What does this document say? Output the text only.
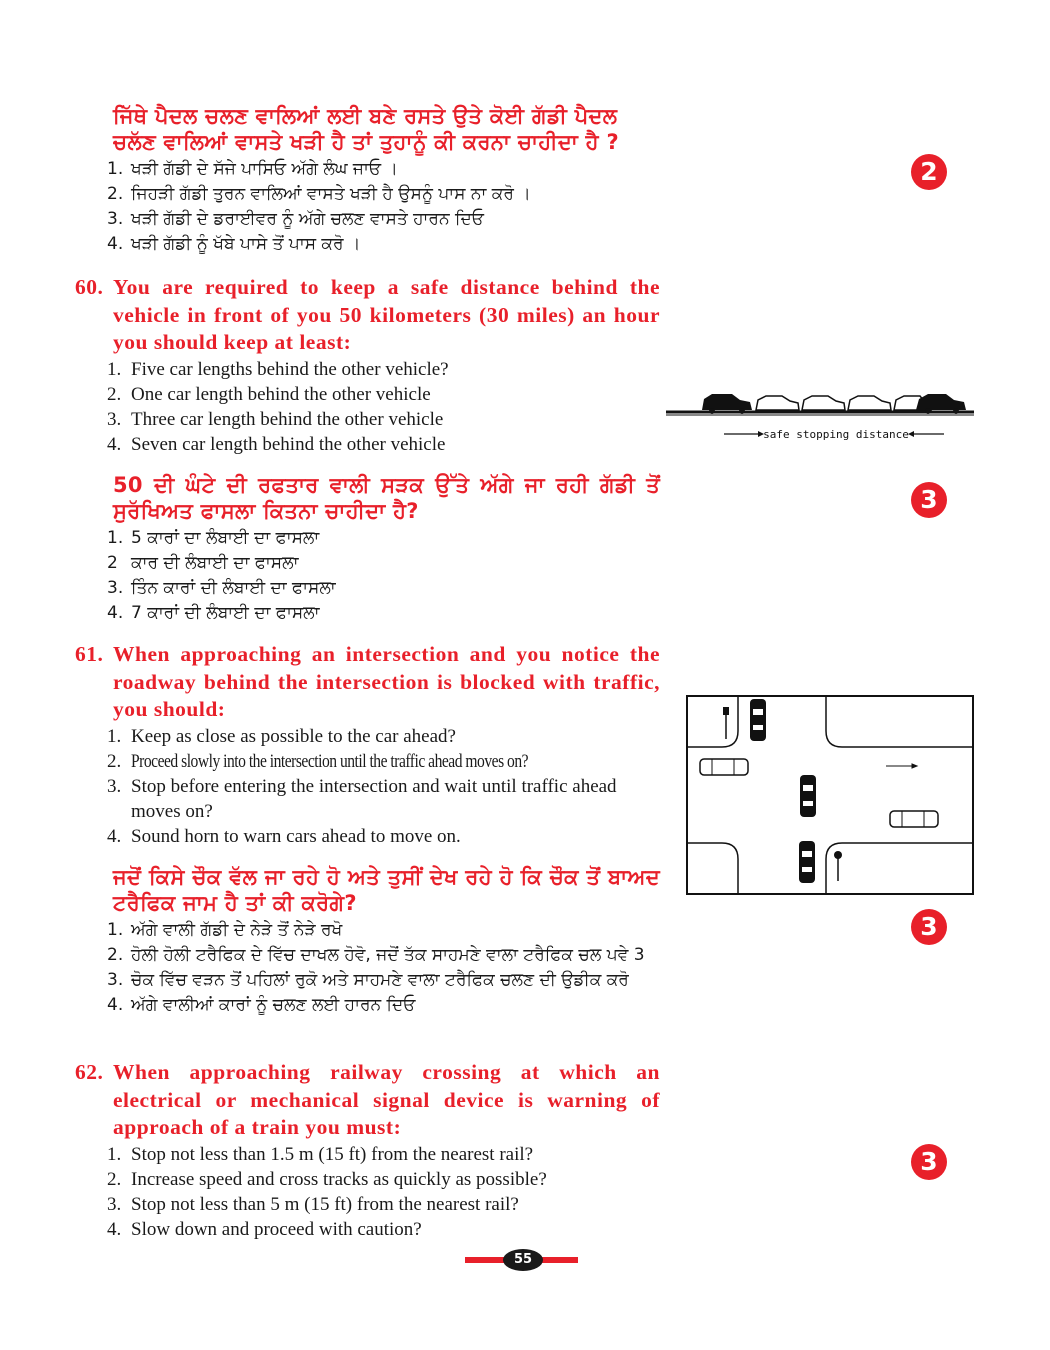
ਜਿੱਥੇ ਪੈਦਲ ਚਲਣ ਵਾਲਿਆਂ ਲਈ ਬਣੇ ਰਸਤੇ ਉਤੇ ਕੋਈ ਗੱਡੀ ਪੈਦਲ ਚਲੱਣ ਵਾਲਿਆਂ ਵਾਸਤੇ ਖੜੀ ਹੈ ਤਾਂ ਤੁਹਾਨੂੰ ਕੀ ਕਰਨਾ ਚਾਹੀਦਾ ਹੈ ?
1. ਖੜੀ ਗੱਡੀ ਦੇ ਸੱਜੇ ਪਾਸਿਓ ਅੱਗੇ ਲੰਘ ਜਾਓ ।
2. ਜਿਹੜੀ ਗੱਡੀ ਤੁਰਨ ਵਾਲਿਆਂ ਵਾਸਤੇ ਖੜੀ ਹੈ ਉਸਨੂੰ ਪਾਸ ਨਾ ਕਰੋ ।
3. ਖੜੀ ਗੱਡੀ ਦੇ ਡਰਾਈਵਰ ਨੂੰ ਅੱਗੇ ਚਲਣ ਵਾਸਤੇ ਹਾਰਨ ਦਿਓ
4. ਖੜੀ ਗੱਡੀ ਨੂੰ ਖੱਬੇ ਪਾਸੇ ਤੋਂ ਪਾਸ ਕਰੋ ।
2
60. You are required to keep a safe distance behind the vehicle in front of you 50 kilometers (30 miles) an hour you should keep at least:
1. Five car lengths behind the other vehicle?
2. One car length behind the other vehicle
3. Three car length behind the other vehicle
4. Seven car length behind the other vehicle	safe stopping distance
50 ਦੀ ਘੰਟੇ ਦੀ ਰਫਤਾਰ ਵਾਲੀ ਸੜਕ ਉੱਤੇ ਅੱਗੇ ਜਾ ਰਹੀ ਗੱਡੀ ਤੋਂ ਸੁਰੱਖਿਅਤ ਫਾਸਲਾ ਕਿਤਨਾ ਚਾਹੀਦਾ ਹੈ?
1. 5 ਕਾਰਾਂ ਦਾ ਲੰਬਾਈ ਦਾ ਫਾਸਲਾ
2 ਕਾਰ ਦੀ ਲੰਬਾਈ ਦਾ ਫਾਸਲਾ
3. ਤਿੰਨ ਕਾਰਾਂ ਦੀ ਲੰਬਾਈ ਦਾ ਫਾਸਲਾ
4. 7 ਕਾਰਾਂ ਦੀ ਲੰਬਾਈ ਦਾ ਫਾਸਲਾ
3
61. When approaching an intersection and you notice the roadway behind the intersection is blocked with traffic, you should:
1. Keep as close as possible to the car ahead?
2. Proceed slowly into the intersection until the traffic ahead moves on?
3. Stop before entering the intersection and wait until traffic ahead moves on?
4. Sound horn to warn cars ahead to move on.
ਜਦੋਂ ਕਿਸੇ ਚੌਕ ਵੱਲ ਜਾ ਰਹੇ ਹੋ ਅਤੇ ਤੁਸੀਂ ਦੇਖ ਰਹੇ ਹੋ ਕਿ ਚੌਕ ਤੋਂ ਬਾਅਦ ਟਰੈਫਿਕ ਜਾਮ ਹੈ ਤਾਂ ਕੀ ਕਰੋਗੇ?
1. ਅੱਗੇ ਵਾਲੀ ਗੱਡੀ ਦੇ ਨੇੜੇ ਤੋਂ ਨੇੜੇ ਰਖੋ
2. ਹੋਲੀ ਹੋਲੀ ਟਰੈਫਿਕ ਦੇ ਵਿੱਚ ਦਾਖਲ ਹੋਵੋ, ਜਦੋਂ ਤੱਕ ਸਾਹਮਣੇ ਵਾਲਾ ਟਰੈਫਿਕ ਚਲ ਪਵੇ 3
3. ਚੋਕ ਵਿੱਚ ਵੜਨ ਤੋਂ ਪਹਿਲਾਂ ਰੁਕੋ ਅਤੇ ਸਾਹਮਣੇ ਵਾਲਾ ਟਰੈਫਿਕ ਚਲਣ ਦੀ ਉਡੀਕ ਕਰੋ
4. ਅੱਗੇ ਵਾਲੀਆਂ ਕਾਰਾਂ ਨੂੰ ਚਲਣ ਲਈ ਹਾਰਨ ਦਿਓ
3
62. When approaching railway crossing at which an electrical or mechanical signal device is warning of approach of a train you must:
1. Stop not less than 1.5 m (15 ft) from the nearest rail?
2. Increase speed and cross tracks as quickly as possible?
3. Stop not less than 5 m (15 ft) from the nearest rail?
4. Slow down and proceed with caution?
3
55
